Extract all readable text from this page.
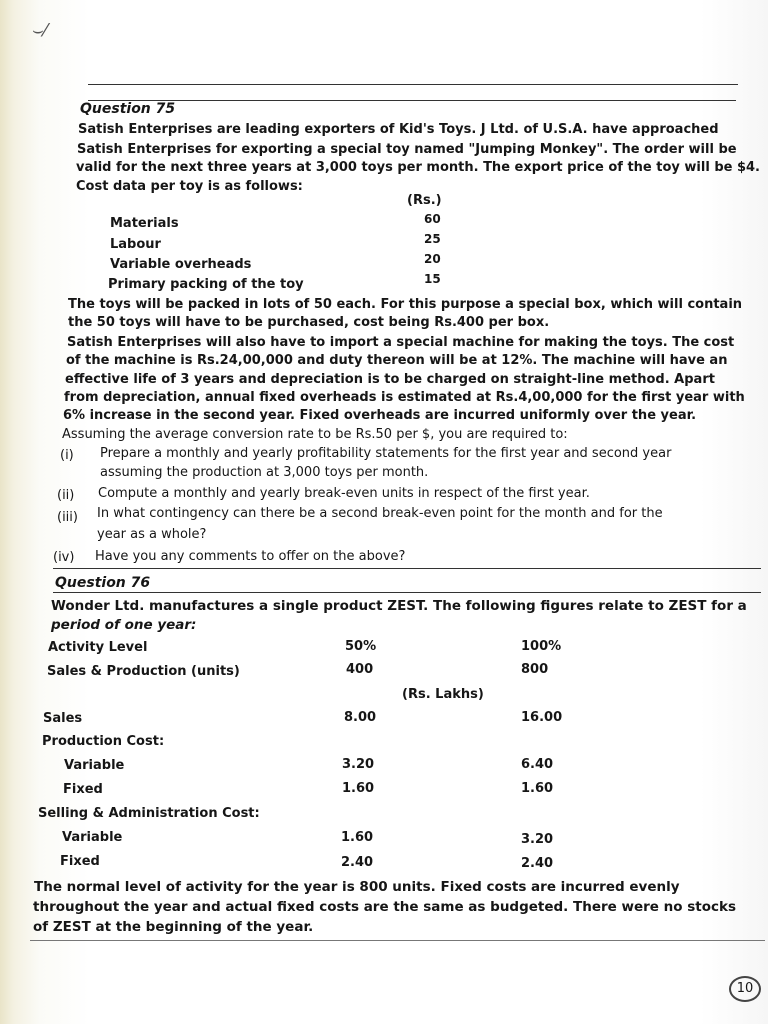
⌣⁄
Question 75
Satish Enterprises are leading exporters of Kid's Toys. J Ltd. of U.S.A. have approached
Satish Enterprises for exporting a special toy named "Jumping Monkey". The order will be
valid for the next three years at 3,000 toys per month. The export price of the toy will be $4.
Cost data per toy is as follows:
(Rs.)
Materials	60
Labour	25
Variable overheads	20
Primary packing of the toy	15
The toys will be packed in lots of 50 each. For this purpose a special box, which will contain
the 50 toys will have to be purchased, cost being Rs.400 per box.
Satish Enterprises will also have to import a special machine for making the toys. The cost
of the machine is Rs.24,00,000 and duty thereon will be at 12%. The machine will have an
effective life of 3 years and depreciation is to be charged on straight-line method. Apart
from depreciation, annual fixed overheads is estimated at Rs.4,00,000 for the first year with
6% increase in the second year. Fixed overheads are incurred uniformly over the year.
Assuming the average conversion rate to be Rs.50 per $, you are required to:
(i) Prepare a monthly and yearly profitability statements for the first year and second year
assuming the production at 3,000 toys per month.
(ii) Compute a monthly and yearly break-even units in respect of the first year.
(iii) In what contingency can there be a second break-even point for the month and for the
year as a whole?
(iv) Have you any comments to offer on the above?
Question 76
Wonder Ltd. manufactures a single product ZEST. The following figures relate to ZEST for a
period of one year:
Activity Level	50%	100%
Sales & Production (units)	400	800
(Rs. Lakhs)
Sales	8.00	16.00
Production Cost:
Variable	3.20	6.40
Fixed	1.60	1.60
Selling & Administration Cost:
Variable	1.60	3.20
Fixed	2.40	2.40
The normal level of activity for the year is 800 units. Fixed costs are incurred evenly
throughout the year and actual fixed costs are the same as budgeted. There were no stocks
of ZEST at the beginning of the year.
10
